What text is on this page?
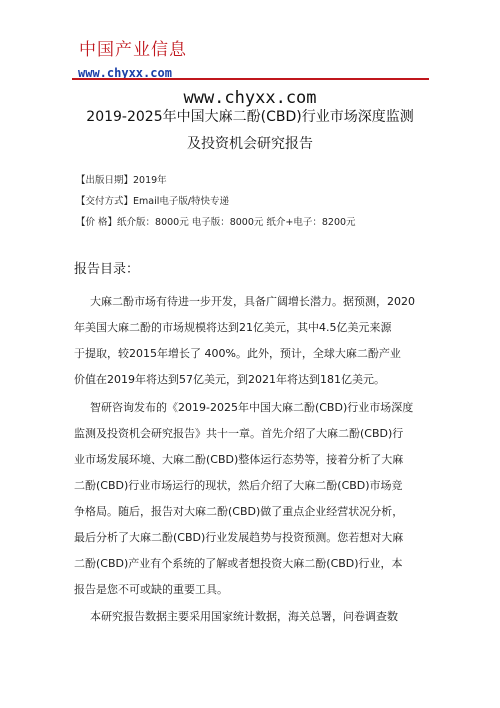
中国产业信息
www.chyxx.com
www.chyxx.com
2019-2025年中国大麻二酚(CBD)行业市场深度监测
及投资机会研究报告
【出版日期】2019年
【交付方式】Email电子版/特快专递
【价 格】纸介版：8000元 电子版：8000元 纸介+电子：8200元
报告目录：
大麻二酚市场有待进一步开发，具备广阔增长潜力。据预测，2020
年美国大麻二酚的市场规模将达到21亿美元，其中4.5亿美元来源
于提取，较2015年增长了 400%。此外，预计，全球大麻二酚产业
价值在2019年将达到57亿美元，到2021年将达到181亿美元。
智研咨询发布的《2019-2025年中国大麻二酚(CBD)行业市场深度
监测及投资机会研究报告》共十一章。首先介绍了大麻二酚(CBD)行
业市场发展环境、大麻二酚(CBD)整体运行态势等，接着分析了大麻
二酚(CBD)行业市场运行的现状，然后介绍了大麻二酚(CBD)市场竞
争格局。随后，报告对大麻二酚(CBD)做了重点企业经营状况分析，
最后分析了大麻二酚(CBD)行业发展趋势与投资预测。您若想对大麻
二酚(CBD)产业有个系统的了解或者想投资大麻二酚(CBD)行业，本
报告是您不可或缺的重要工具。
本研究报告数据主要采用国家统计数据，海关总署，问卷调查数
